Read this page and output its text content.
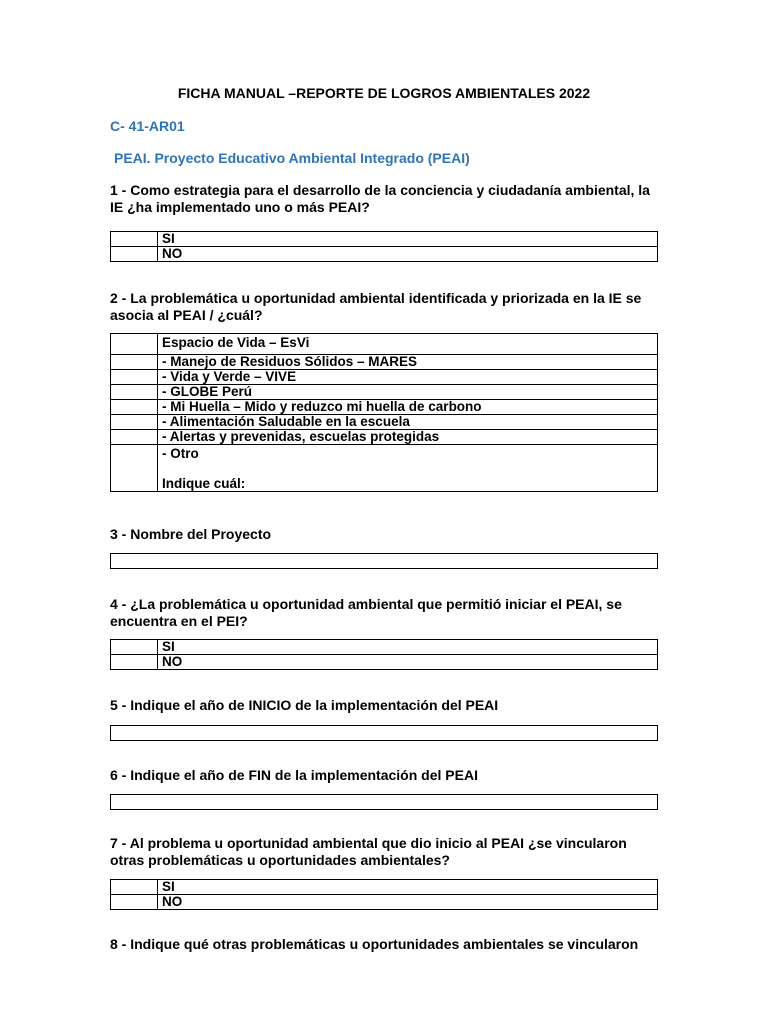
FICHA MANUAL –REPORTE DE LOGROS AMBIENTALES 2022
C- 41-AR01
PEAI. Proyecto Educativo Ambiental Integrado (PEAI)
1 - Como estrategia para el desarrollo de la conciencia y ciudadanía ambiental, la
IE ¿ha implementado uno o más PEAI?
	SI
	NO
2 - La problemática u oportunidad ambiental identificada y priorizada en la IE se
asocia al PEAI / ¿cuál?
	Espacio de Vida – EsVi
	- Manejo de Residuos Sólidos – MARES
	- Vida y Verde – VIVE
	- GLOBE Perú
	- Mi Huella – Mido y reduzco mi huella de carbono
	- Alimentación Saludable en la escuela
	- Alertas y prevenidas, escuelas protegidas

	- Otro
Indique cuál:
3 - Nombre del Proyecto
4 - ¿La problemática u oportunidad ambiental que permitió iniciar el PEAI, se
encuentra en el PEI?
	SI
	NO
5 - Indique el año de INICIO de la implementación del PEAI
6 - Indique el año de FIN de la implementación del PEAI
7 - Al problema u oportunidad ambiental que dio inicio al PEAI ¿se vincularon
otras problemáticas u oportunidades ambientales?
	SI
	NO
8 - Indique qué otras problemáticas u oportunidades ambientales se vincularon
